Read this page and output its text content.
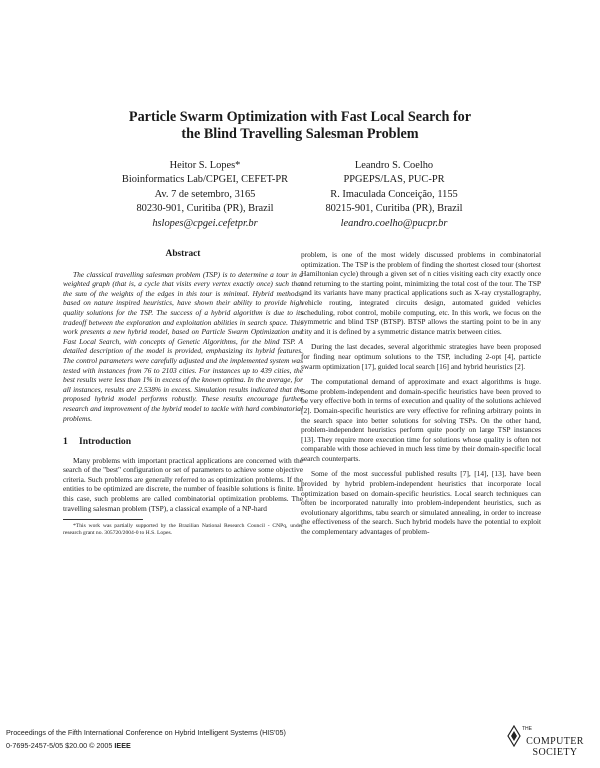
Particle Swarm Optimization with Fast Local Search for
the Blind Travelling Salesman Problem
Heitor S. Lopes*
Bioinformatics Lab/CPGEI, CEFET-PR
Av. 7 de setembro, 3165
80230-901, Curitiba (PR), Brazil
hslopes@cpgei.cefetpr.br
Leandro S. Coelho
PPGEPS/LAS, PUC-PR
R. Imaculada Conceição, 1155
80215-901, Curitiba (PR), Brazil
leandro.coelho@pucpr.br
Abstract

The classical travelling salesman problem (TSP) is to determine a tour in a weighted graph (that is, a cycle that visits every vertex exactly once) such that the sum of the weights of the edges in this tour is minimal. Hybrid methods, based on nature inspired heuristics, have shown their ability to provide high quality solutions for the TSP. The success of a hybrid algorithm is due to its tradeoff between the exploration and exploitation abilities in search space. This work presents a new hybrid model, based on Particle Swarm Optimization and Fast Local Search, with concepts of Genetic Algorithms, for the blind TSP. A detailed description of the model is provided, emphasizing its hybrid features. The control parameters were carefully adjusted and the implemented system was tested with instances from 76 to 2103 cities. For instances up to 439 cities, the best results were less than 1% in excess of the known optima. In the average, for all instances, results are 2.538% in excess. Simulation results indicated that the proposed hybrid model performs robustly. These results encourage further research and improvement of the hybrid model to tackle with hard combinatorial problems.

1 Introduction

Many problems with important practical applications are concerned with the search of the "best" configuration or set of parameters to achieve some objective criteria. Such problems are generally referred to as optimization problems. If the entities to be optimized are discrete, the number of feasible solutions is finite. In this case, such problems are called combinatorial optimization problems. The travelling salesman problem (TSP), a classical example of a NP-hard

*This work was partially supported by the Brazilian National Research Council - CNPq, under research grant no. 305720/2004-0 to H.S. Lopes.

problem, is one of the most widely discussed problems in combinatorial optimization. The TSP is the problem of finding the shortest closed tour (shortest Hamiltonian cycle) through a given set of n cities visiting each city exactly once and returning to the starting point, minimizing the total cost of the tour. The TSP and its variants have many practical applications such as X-ray crystallography, vehicle routing, integrated circuits design, automated guided vehicles scheduling, robot control, mobile computing, etc. In this work, we focus on the symmetric and blind TSP (BTSP). BTSP allows the starting point to be in any city and it is defined by a symmetric distance matrix between cities.

During the last decades, several algorithmic strategies have been proposed for finding near optimum solutions to the TSP, including 2-opt [4], particle swarm optimization [17], guided local search [16] and hybrid heuristics [2].

The computational demand of approximate and exact algorithms is huge. Some problem-independent and domain-specific heuristics have been proved to be very effective both in terms of execution and quality of the solutions achieved [2]. Domain-specific heuristics are very effective for refining arbitrary points in the search space into better solutions for solving TSPs. On the other hand, problem-independent heuristics perform quite poorly on large TSP instances [13]. They require more execution time for solutions whose quality is often not comparable with those achieved in much less time by their domain-specific local search counterparts.

Some of the most successful published results [7], [14], [13], have been provided by hybrid problem-independent heuristics that incorporate local optimization based on domain-specific heuristics. Local search techniques can often be incorporated naturally into problem-independent heuristics, such as evolutionary algorithms, tabu search or simulated annealing, in order to increase the effectiveness of the search. Such hybrid models have the potential to exploit the complementary advantages of problem-

Proceedings of the Fifth International Conference on Hybrid Intelligent Systems (HIS'05)
0-7695-2457-5/05 $20.00 © 2005 IEEE
THE
COMPUTER
SOCIETY
